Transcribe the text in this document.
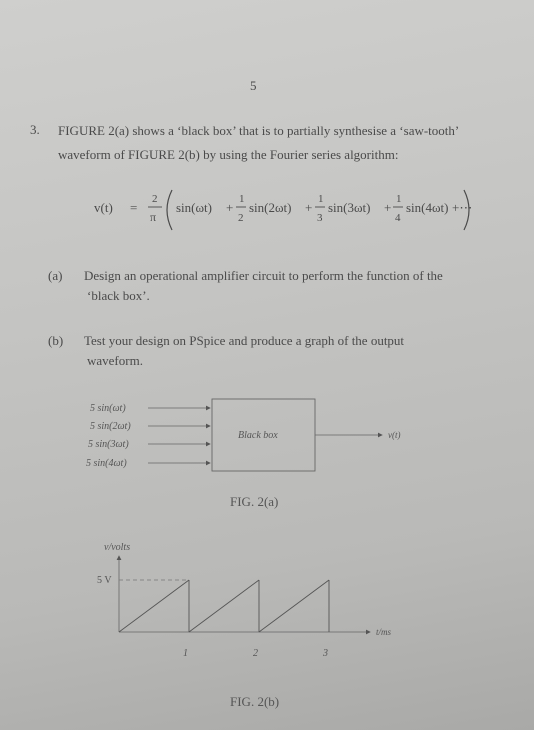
5
3. FIGURE 2(a) shows a ‘black box’ that is to partially synthesise a ‘saw-tooth’ waveform of FIGURE 2(b) by using the Fourier series algorithm:
v(t) =
2
π
sin(ωt) +
1
2
sin(2ωt) +
1
3
sin(3ωt) +
1
4
sin(4ωt) +⋯
(a) Design an operational amplifier circuit to perform the function of the
‘black box’.
(b) Test your design on PSpice and produce a graph of the output
waveform.
5 sin(ωt)
5 sin(2ωt)
5 sin(3ωt)
5 sin(4ωt)
Black box	v(t)
FIG. 2(a)
v/volts
t/ms
5 V
1	2	3
FIG. 2(b)
